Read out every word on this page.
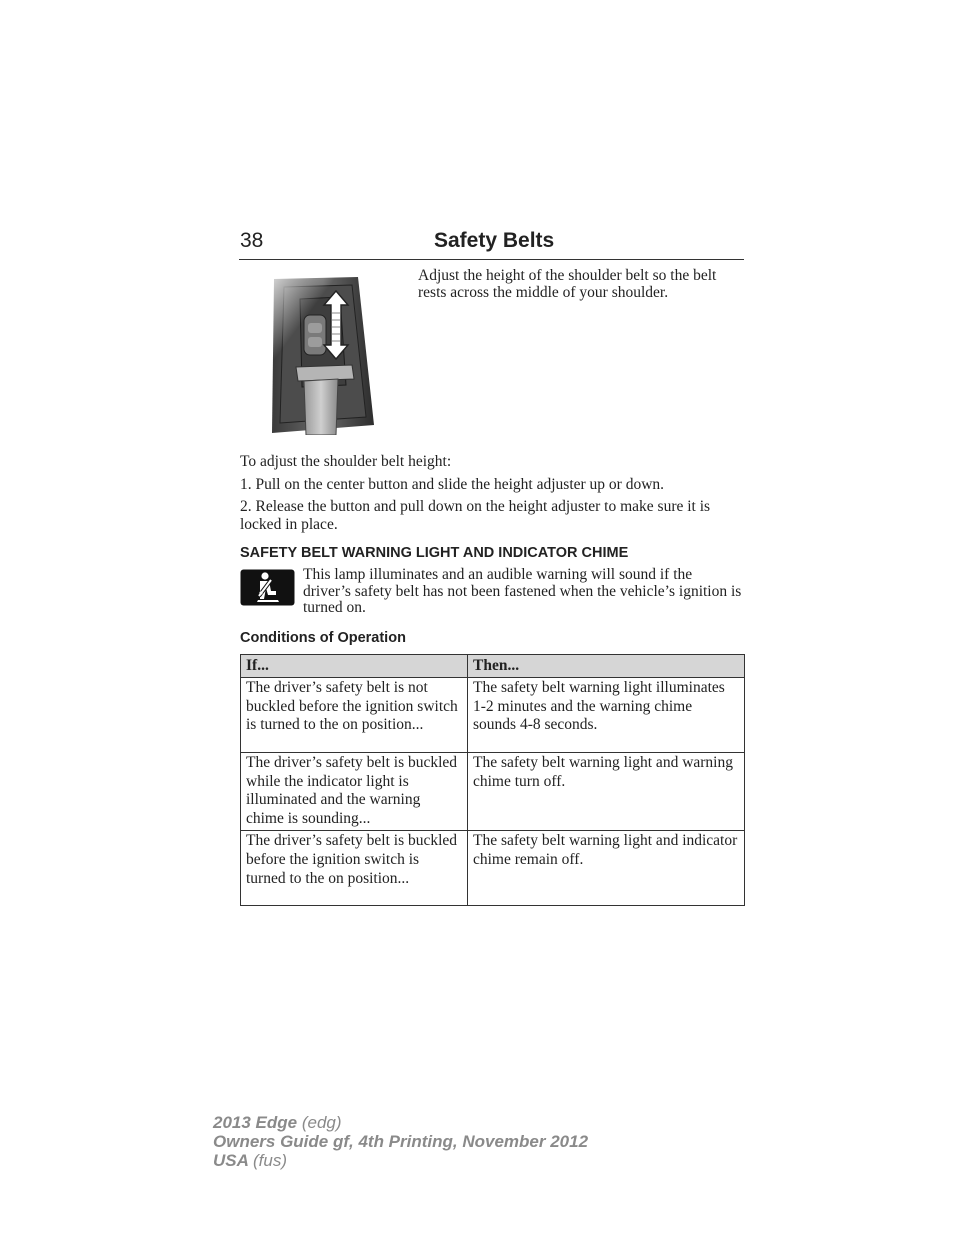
38	Safety Belts
Adjust the height of the shoulder belt so the belt rests across the middle of your shoulder.
To adjust the shoulder belt height:
1. Pull on the center button and slide the height adjuster up or down.
2. Release the button and pull down on the height adjuster to make sure it is locked in place.
SAFETY BELT WARNING LIGHT AND INDICATOR CHIME
This lamp illuminates and an audible warning will sound if the driver’s safety belt has not been fastened when the vehicle’s ignition is turned on.
Conditions of Operation
If...	Then...
The driver’s safety belt is not buckled before the ignition switch is turned to the on position...	The safety belt warning light illuminates 1-2 minutes and the warning chime sounds 4-8 seconds.
The driver’s safety belt is buckled while the indicator light is illuminated and the warning chime is sounding...	The safety belt warning light and warning chime turn off.
The driver’s safety belt is buckled before the ignition switch is turned to the on position...	The safety belt warning light and indicator chime remain off.
2013 Edge (edg)
Owners Guide gf, 4th Printing, November 2012
USA (fus)
